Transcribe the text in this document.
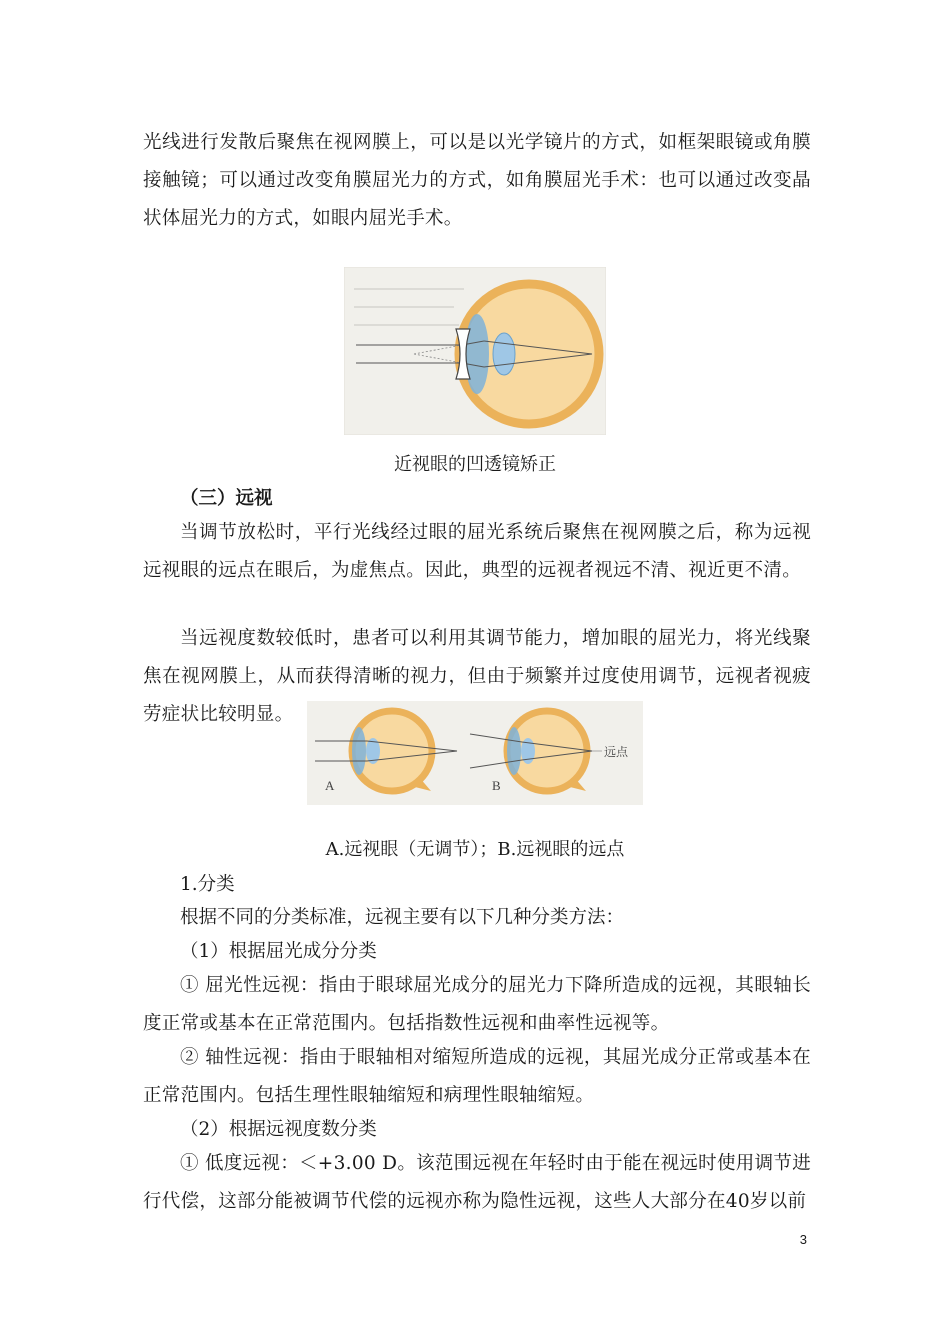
光线进行发散后聚焦在视网膜上，可以是以光学镜片的方式，如框架眼镜或角膜接触镜；可以通过改变角膜屈光力的方式，如角膜屈光手术：也可以通过改变晶状体屈光力的方式，如眼内屈光手术。
近视眼的凹透镜矫正
（三）远视
当调节放松时，平行光线经过眼的屈光系统后聚焦在视网膜之后，称为远视远视眼的远点在眼后，为虚焦点。因此，典型的远视者视远不清、视近更不清。
当远视度数较低时，患者可以利用其调节能力，增加眼的屈光力，将光线聚焦在视网膜上，从而获得清晰的视力，但由于频繁并过度使用调节，远视者视疲劳症状比较明显。
A
远点
B
A.远视眼（无调节）；B.远视眼的远点
1.分类
根据不同的分类标准，远视主要有以下几种分类方法：
（1）根据屈光成分分类
① 屈光性远视：指由于眼球屈光成分的屈光力下降所造成的远视，其眼轴长度正常或基本在正常范围内。包括指数性远视和曲率性远视等。
② 轴性远视：指由于眼轴相对缩短所造成的远视，其屈光成分正常或基本在正常范围内。包括生理性眼轴缩短和病理性眼轴缩短。
（2）根据远视度数分类
① 低度远视：＜+3.00 D。该范围远视在年轻时由于能在视远时使用调节进行代偿，这部分能被调节代偿的远视亦称为隐性远视，这些人大部分在40岁以前
3
